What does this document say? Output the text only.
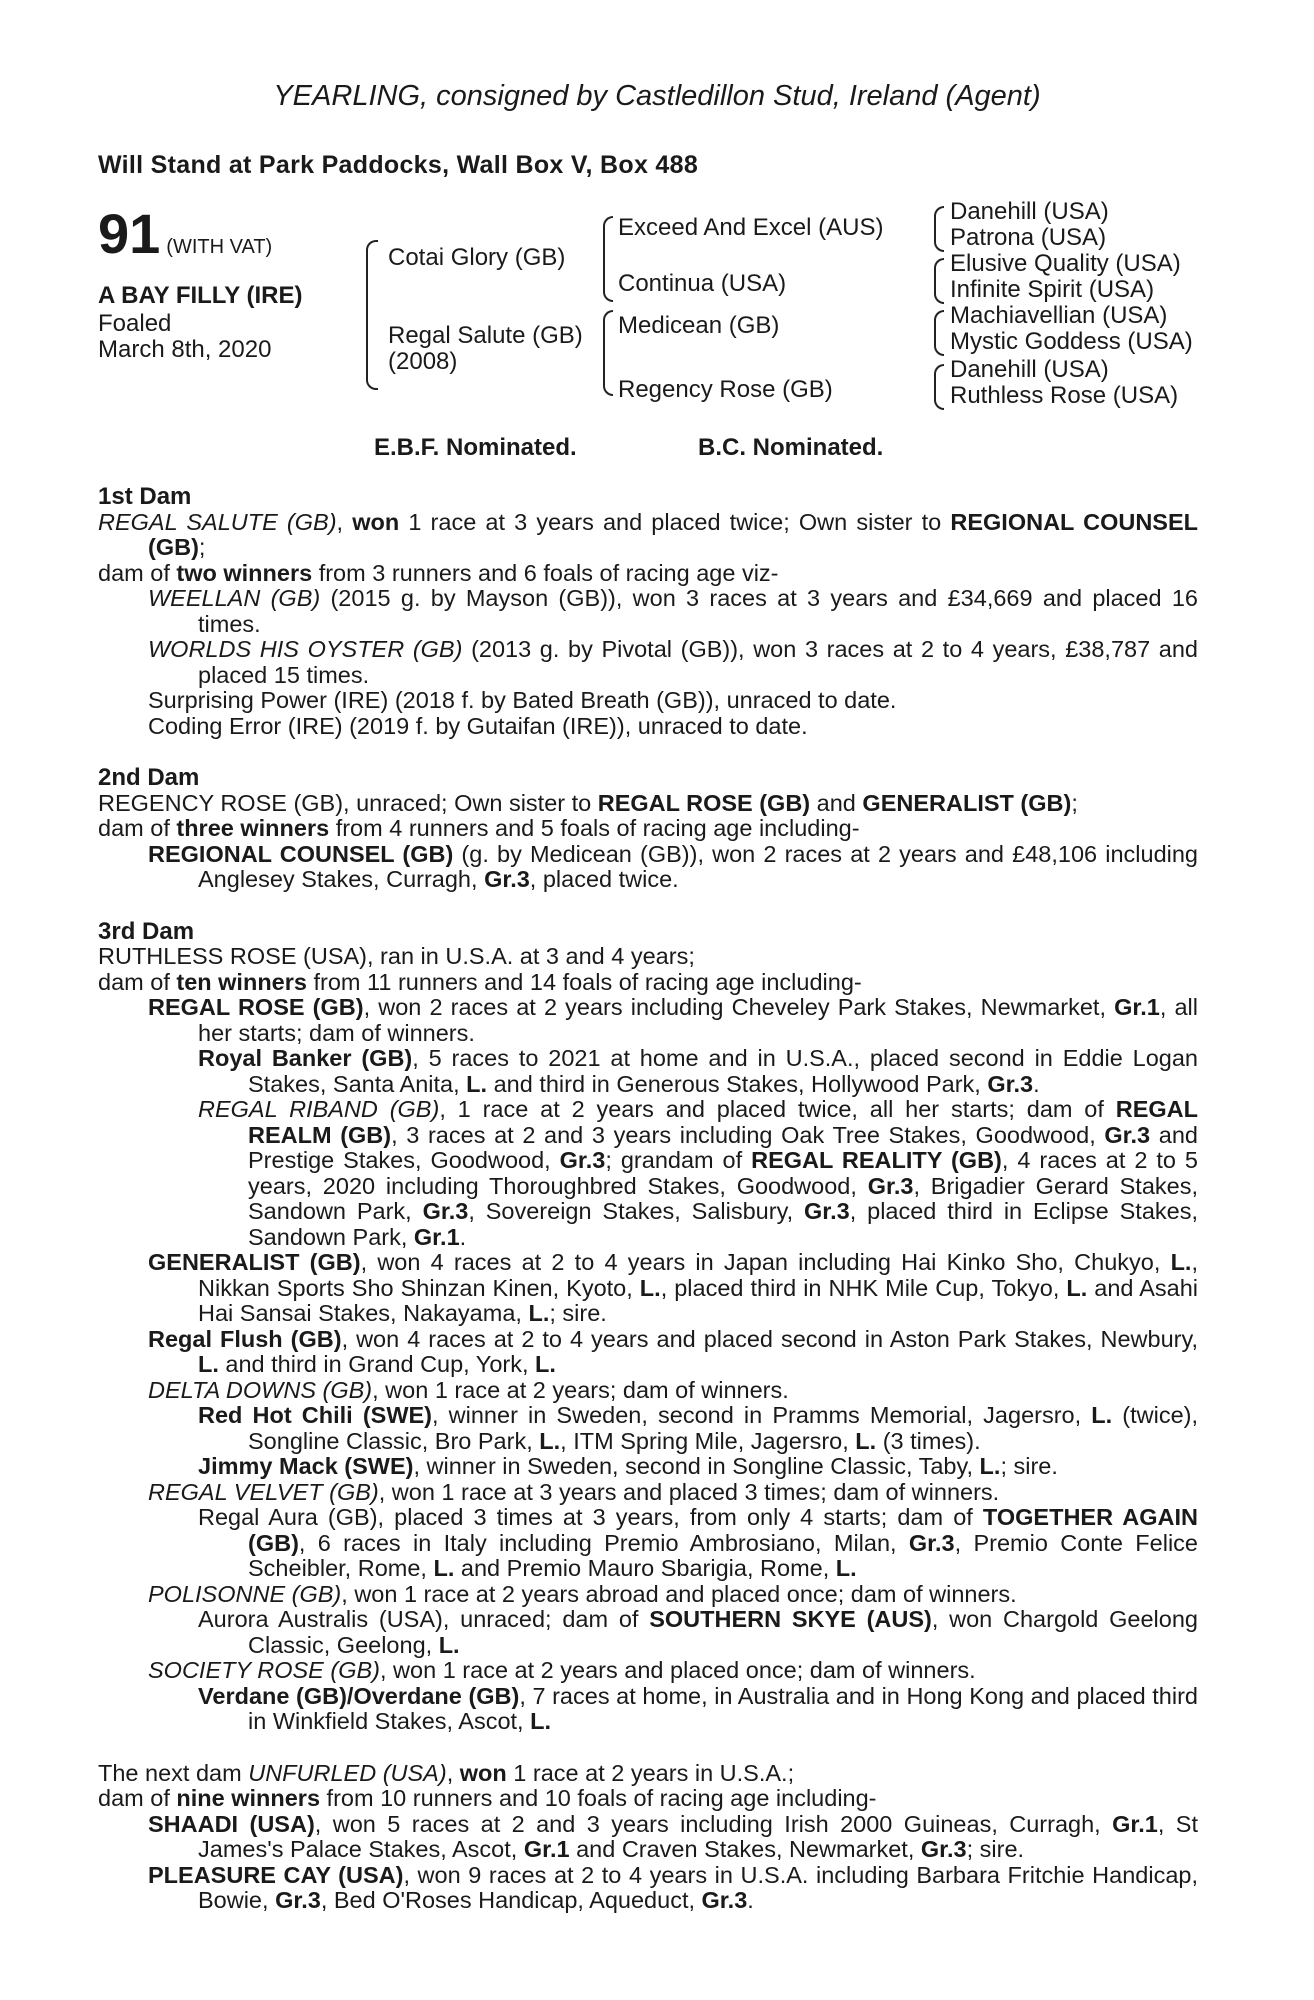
YEARLING, consigned by Castledillon Stud, Ireland (Agent)

Will Stand at Park Paddocks, Wall Box V, Box 488

91 (WITH VAT)
A BAY FILLY (IRE)
Foaled
March 8th, 2020
Cotai Glory (GB)
Regal Salute (GB)
(2008)
Exceed And Excel (AUS)
Continua (USA)
Medicean (GB)
Regency Rose (GB)
Danehill (USA)
Patrona (USA)
Elusive Quality (USA)
Infinite Spirit (USA)
Machiavellian (USA)
Mystic Goddess (USA)
Danehill (USA)
Ruthless Rose (USA)
E.B.F. Nominated.	B.C. Nominated.
1st Dam

REGAL SALUTE (GB), won 1 race at 3 years and placed twice; Own sister to REGIONAL COUNSEL (GB);

dam of two winners from 3 runners and 6 foals of racing age viz-

WEELLAN (GB) (2015 g. by Mayson (GB)), won 3 races at 3 years and £34,669 and placed 16 times.

WORLDS HIS OYSTER (GB) (2013 g. by Pivotal (GB)), won 3 races at 2 to 4 years, £38,787 and placed 15 times.

Surprising Power (IRE) (2018 f. by Bated Breath (GB)), unraced to date.

Coding Error (IRE) (2019 f. by Gutaifan (IRE)), unraced to date.

2nd Dam

REGENCY ROSE (GB), unraced; Own sister to REGAL ROSE (GB) and GENERALIST (GB);

dam of three winners from 4 runners and 5 foals of racing age including-

REGIONAL COUNSEL (GB) (g. by Medicean (GB)), won 2 races at 2 years and £48,106 including Anglesey Stakes, Curragh, Gr.3, placed twice.

3rd Dam

RUTHLESS ROSE (USA), ran in U.S.A. at 3 and 4 years;

dam of ten winners from 11 runners and 14 foals of racing age including-

REGAL ROSE (GB), won 2 races at 2 years including Cheveley Park Stakes, Newmarket, Gr.1, all her starts; dam of winners.

Royal Banker (GB), 5 races to 2021 at home and in U.S.A., placed second in Eddie Logan Stakes, Santa Anita, L. and third in Generous Stakes, Hollywood Park, Gr.3.

REGAL RIBAND (GB), 1 race at 2 years and placed twice, all her starts; dam of REGAL REALM (GB), 3 races at 2 and 3 years including Oak Tree Stakes, Goodwood, Gr.3 and Prestige Stakes, Goodwood, Gr.3; grandam of REGAL REALITY (GB), 4 races at 2 to 5 years, 2020 including Thoroughbred Stakes, Goodwood, Gr.3, Brigadier Gerard Stakes, Sandown Park, Gr.3, Sovereign Stakes, Salisbury, Gr.3, placed third in Eclipse Stakes, Sandown Park, Gr.1.

GENERALIST (GB), won 4 races at 2 to 4 years in Japan including Hai Kinko Sho, Chukyo, L., Nikkan Sports Sho Shinzan Kinen, Kyoto, L., placed third in NHK Mile Cup, Tokyo, L. and Asahi Hai Sansai Stakes, Nakayama, L.; sire.

Regal Flush (GB), won 4 races at 2 to 4 years and placed second in Aston Park Stakes, Newbury, L. and third in Grand Cup, York, L.

DELTA DOWNS (GB), won 1 race at 2 years; dam of winners.

Red Hot Chili (SWE), winner in Sweden, second in Pramms Memorial, Jagersro, L. (twice), Songline Classic, Bro Park, L., ITM Spring Mile, Jagersro, L. (3 times).

Jimmy Mack (SWE), winner in Sweden, second in Songline Classic, Taby, L.; sire.

REGAL VELVET (GB), won 1 race at 3 years and placed 3 times; dam of winners.

Regal Aura (GB), placed 3 times at 3 years, from only 4 starts; dam of TOGETHER AGAIN (GB), 6 races in Italy including Premio Ambrosiano, Milan, Gr.3, Premio Conte Felice Scheibler, Rome, L. and Premio Mauro Sbarigia, Rome, L.

POLISONNE (GB), won 1 race at 2 years abroad and placed once; dam of winners.

Aurora Australis (USA), unraced; dam of SOUTHERN SKYE (AUS), won Chargold Geelong Classic, Geelong, L.

SOCIETY ROSE (GB), won 1 race at 2 years and placed once; dam of winners.

Verdane (GB)/Overdane (GB), 7 races at home, in Australia and in Hong Kong and placed third in Winkfield Stakes, Ascot, L.

The next dam UNFURLED (USA), won 1 race at 2 years in U.S.A.;

dam of nine winners from 10 runners and 10 foals of racing age including-

SHAADI (USA), won 5 races at 2 and 3 years including Irish 2000 Guineas, Curragh, Gr.1, St James's Palace Stakes, Ascot, Gr.1 and Craven Stakes, Newmarket, Gr.3; sire.

PLEASURE CAY (USA), won 9 races at 2 to 4 years in U.S.A. including Barbara Fritchie Handicap, Bowie, Gr.3, Bed O'Roses Handicap, Aqueduct, Gr.3.
